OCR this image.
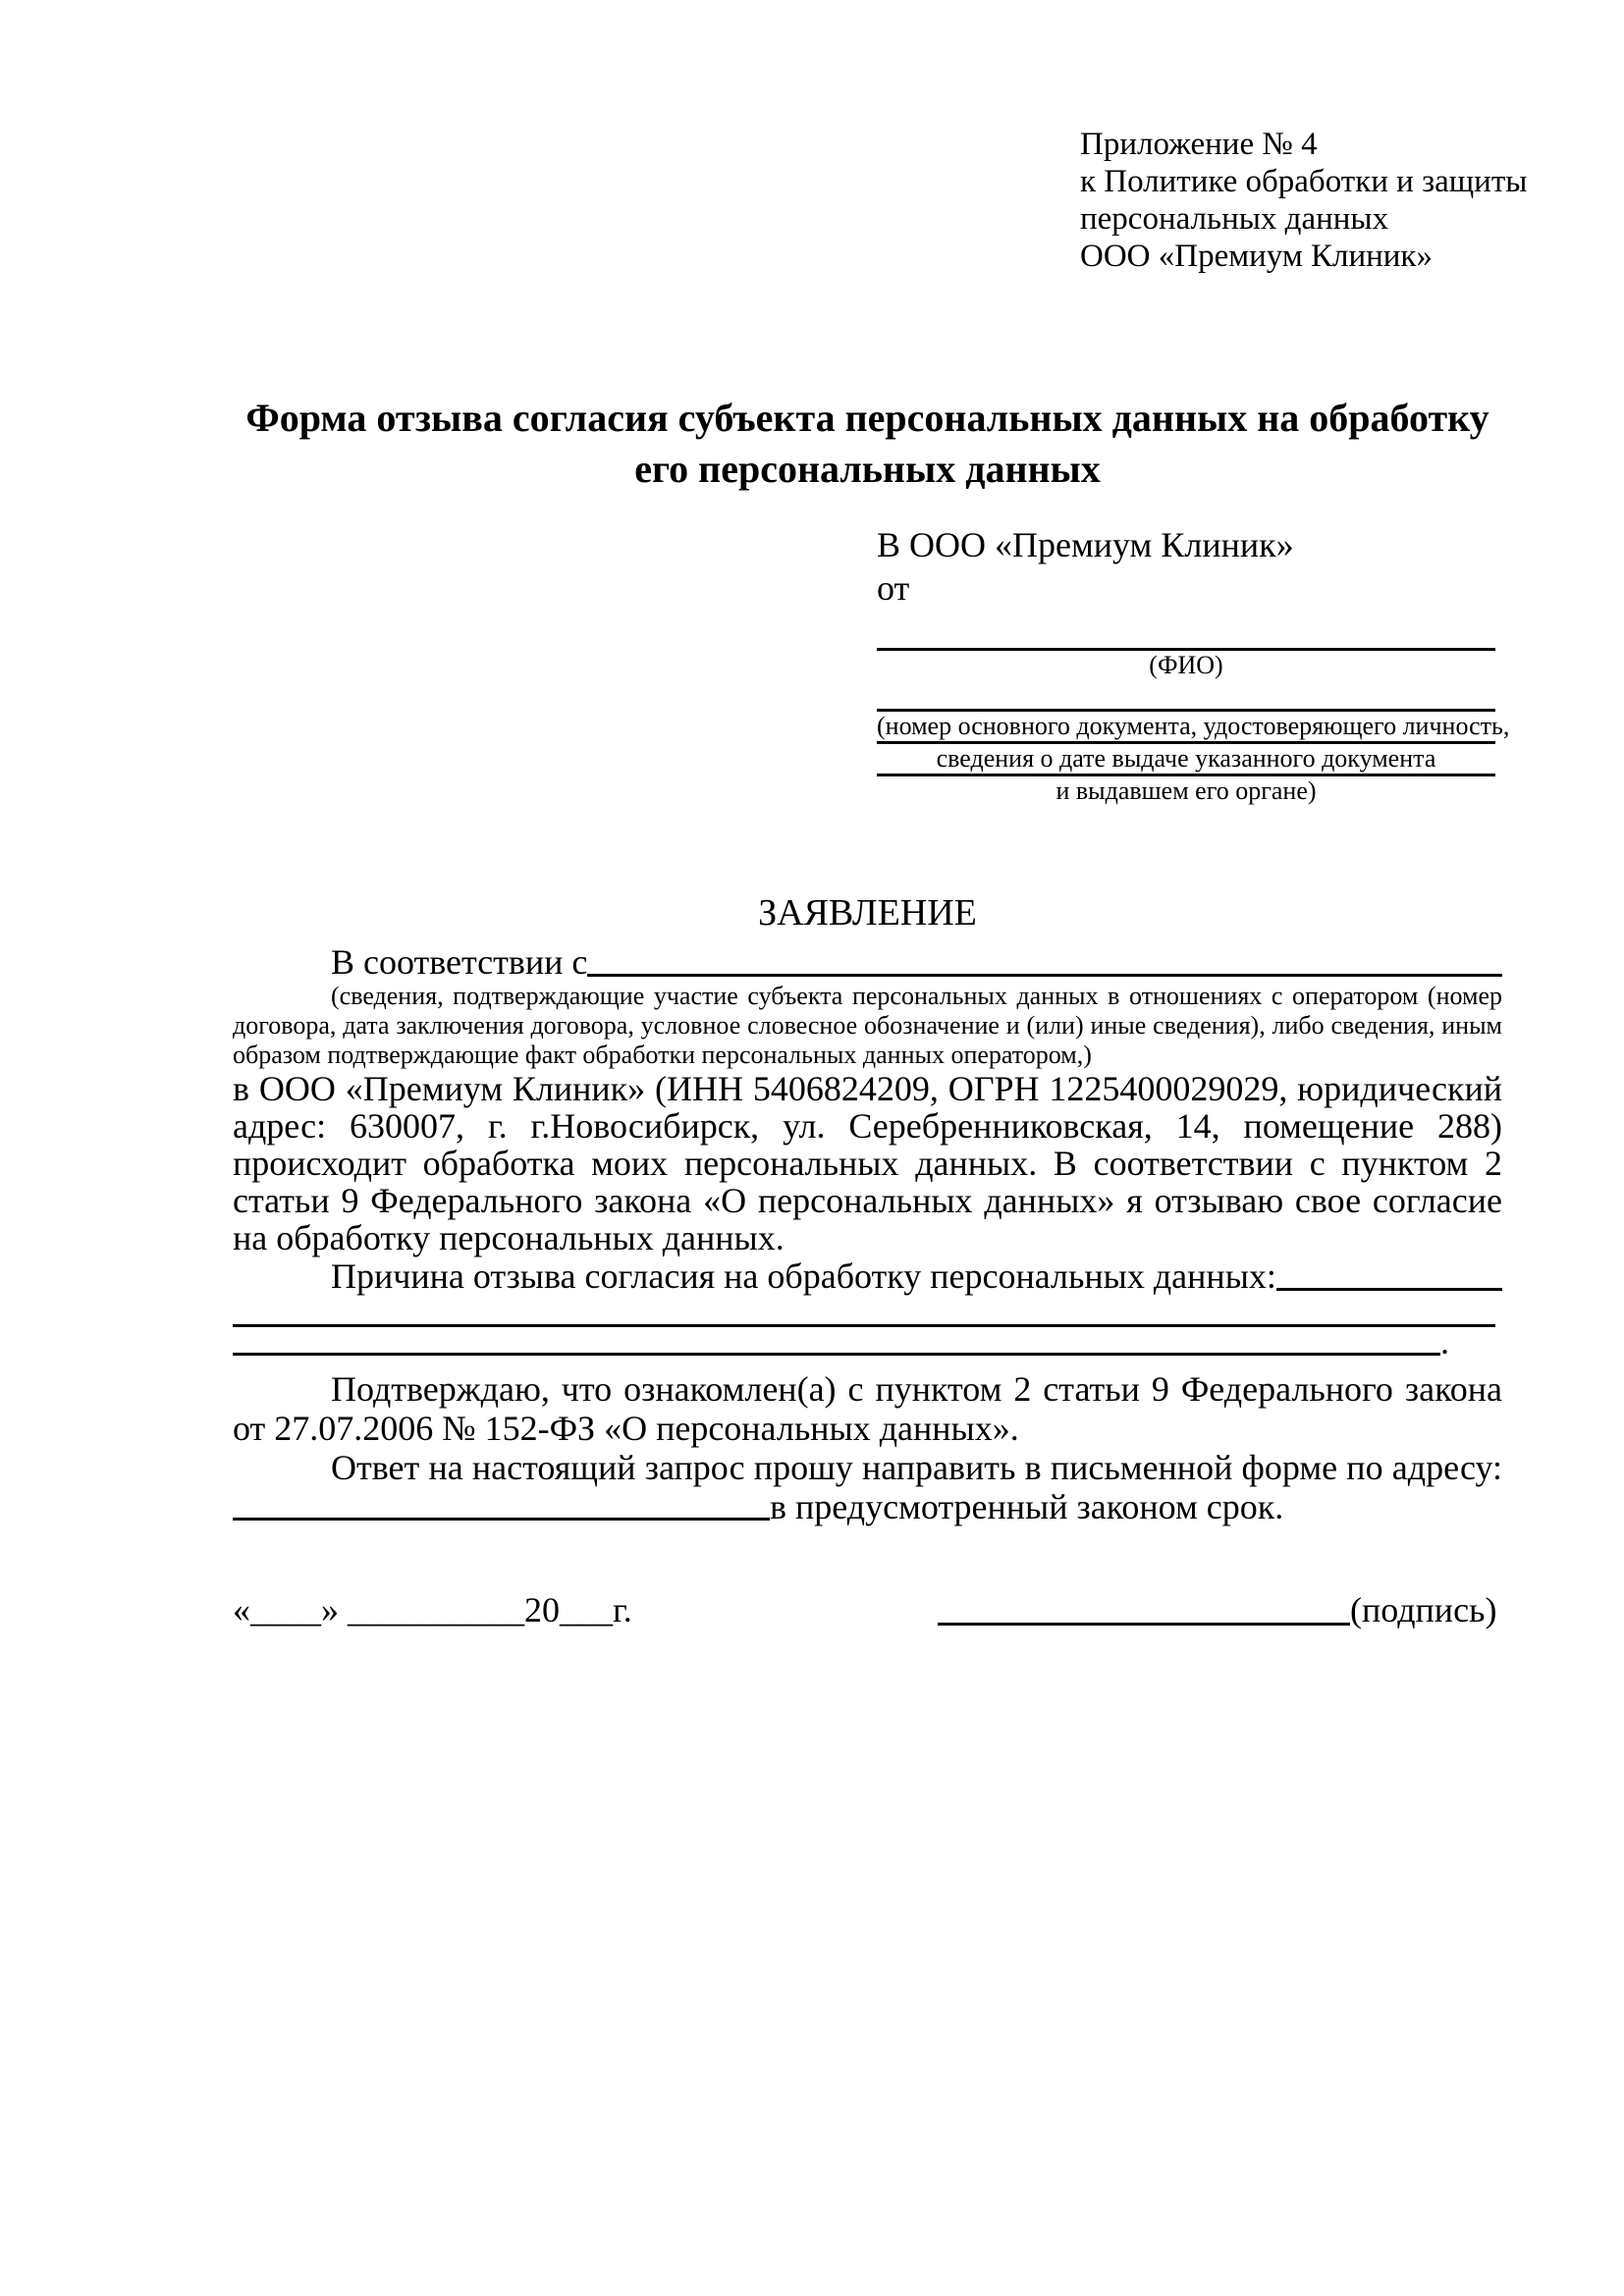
Приложение № 4
к Политике обработки и защиты
персональных данных
ООО «Премиум Клиник»
Форма отзыва согласия субъекта персональных данных на обработку
его персональных данных
В ООО «Премиум Клиник»
от
(ФИО)
(номер основного документа, удостоверяющего личность,
сведения о дате выдаче указанного документа
и выдавшем его органе)
ЗАЯВЛЕНИЕ
В соответствии с
(сведения, подтверждающие участие субъекта персональных данных в отношениях с оператором (номер договора, дата заключения договора, условное словесное обозначение и (или) иные сведения), либо сведения, иным образом подтверждающие факт обработки персональных данных оператором,)
в ООО «Премиум Клиник» (ИНН 5406824209, ОГРН 1225400029029, юридический адрес: 630007, г. г.Новосибирск, ул. Серебренниковская, 14, помещение 288) происходит обработка моих персональных данных. В соответствии с пунктом 2 статьи 9 Федерального закона «О персональных данных» я отзываю свое согласие на обработку персональных данных.
Причина отзыва согласия на обработку персональных данных:
.
Подтверждаю, что ознакомлен(а) с пунктом 2 статьи 9 Федерального закона от 27.07.2006 № 152-ФЗ «О персональных данных».
Ответ на настоящий запрос прошу направить в письменной форме по адресу:
в предусмотренный законом срок.
«____» __________20___г.	(подпись)
